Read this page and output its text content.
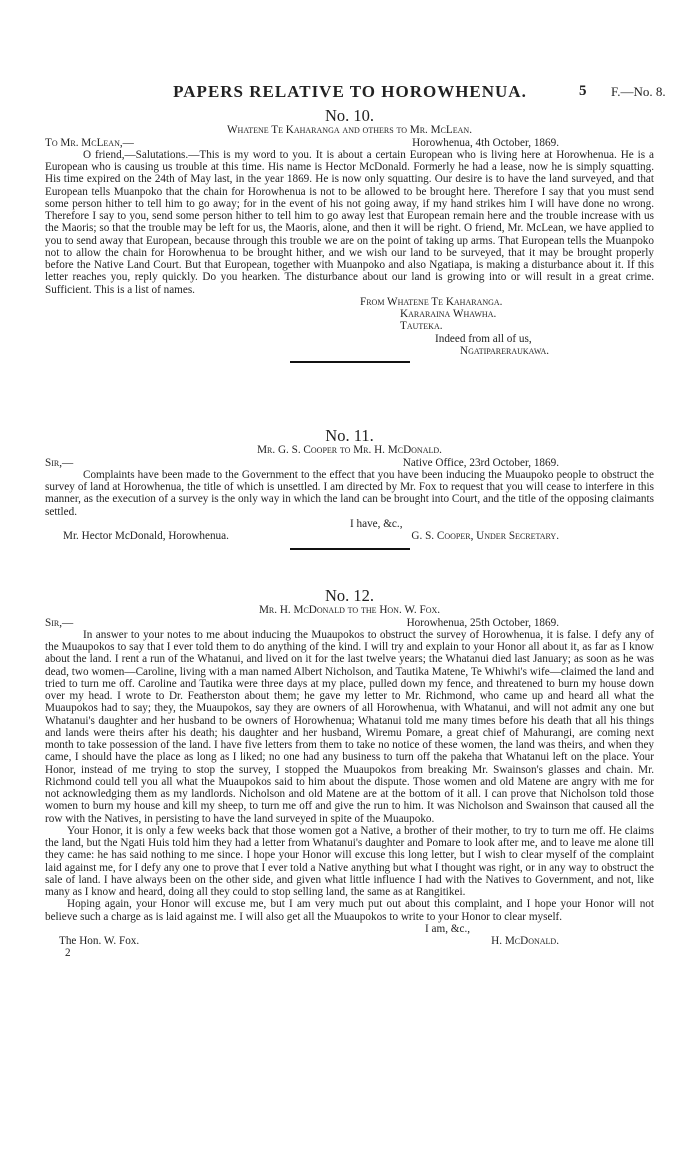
PAPERS RELATIVE TO HOROWHENUA.	5 F.—No. 8.
No. 10.
Whatene Te Kaharanga and others to Mr. McLean.
To Mr. McLean,—	Horowhenua, 4th October, 1869.

O friend,—Salutations.—This is my word to you. It is about a certain European who is living here at Horowhenua. He is a European who is causing us trouble at this time. His name is Hector McDonald. Formerly he had a lease, now he is simply squatting. His time expired on the 24th of May last, in the year 1869. He is now only squatting. Our desire is to have the land surveyed, and that European tells Muanpoko that the chain for Horowhenua is not to be allowed to be brought here. Therefore I say that you must send some person hither to tell him to go away; for in the event of his not going away, if my hand strikes him I will have done no wrong. Therefore I say to you, send some person hither to tell him to go away lest that European remain here and the trouble increase with us the Maoris; so that the trouble may be left for us, the Maoris, alone, and then it will be right. O friend, Mr. McLean, we have applied to you to send away that European, because through this trouble we are on the point of taking up arms. That European tells the Muanpoko not to allow the chain for Horowhenua to be brought hither, and we wish our land to be surveyed, that it may be brought properly before the Native Land Court. But that European, together with Muanpoko and also Ngatiapa, is making a disturbance about it. If this letter reaches you, reply quickly. Do you hearken. The disturbance about our land is growing into or will result in a great crime. Sufficient. This is a list of names.

From Whatene Te Kaharanga.
Kararaina Whawha.
Tauteka.
Indeed from all of us,
Ngatipareraukawa.
No. 11.
Mr. G. S. Cooper to Mr. H. McDonald.
Sir,—	Native Office, 23rd October, 1869.

Complaints have been made to the Government to the effect that you have been inducing the Muaupoko people to obstruct the survey of land at Horowhenua, the title of which is unsettled. I am directed by Mr. Fox to request that you will cease to interfere in this manner, as the execution of a survey is the only way in which the land can be brought into Court, and the title of the opposing claimants settled.

I have, &c.,
Mr. Hector McDonald, Horowhenua.	G. S. Cooper, Under Secretary.
No. 12.
Mr. H. McDonald to the Hon. W. Fox.
Sir,—	Horowhenua, 25th October, 1869.

In answer to your notes to me about inducing the Muaupokos to obstruct the survey of Horowhenua, it is false. I defy any of the Muaupokos to say that I ever told them to do anything of the kind. I will try and explain to your Honor all about it, as far as I know about the land. I rent a run of the Whatanui, and lived on it for the last twelve years; the Whatanui died last January; as soon as he was dead, two women—Caroline, living with a man named Albert Nicholson, and Tautika Matene, Te Whiwhi's wife—claimed the land and tried to turn me off. Caroline and Tautika were three days at my place, pulled down my fence, and threatened to burn my house down over my head. I wrote to Dr. Featherston about them; he gave my letter to Mr. Richmond, who came up and heard all what the Muaupokos had to say; they, the Muaupokos, say they are owners of all Horowhenua, with Whatanui, and will not admit any one but Whatanui's daughter and her husband to be owners of Horowhenua; Whatanui told me many times before his death that all his things and lands were theirs after his death; his daughter and her husband, Wiremu Pomare, a great chief of Mahurangi, are coming next month to take possession of the land. I have five letters from them to take no notice of these women, the land was theirs, and when they came, I should have the place as long as I liked; no one had any business to turn off the pakeha that Whatanui left on the place. Your Honor, instead of me trying to stop the survey, I stopped the Muaupokos from breaking Mr. Swainson's glasses and chain. Mr. Richmond could tell you all what the Muaupokos said to him about the dispute. Those women and old Matene are angry with me for not acknowledging them as my landlords. Nicholson and old Matene are at the bottom of it all. I can prove that Nicholson told those women to burn my house and kill my sheep, to turn me off and give the run to him. It was Nicholson and Swainson that caused all the row with the Natives, in persisting to have the land surveyed in spite of the Muaupoko.

Your Honor, it is only a few weeks back that those women got a Native, a brother of their mother, to try to turn me off. He claims the land, but the Ngati Huis told him they had a letter from Whatanui's daughter and Pomare to look after me, and to leave me alone till they came: he has said nothing to me since. I hope your Honor will excuse this long letter, but I wish to clear myself of the complaint laid against me, for I defy any one to prove that I ever told a Native anything but what I thought was right, or in any way to obstruct the sale of land. I have always been on the other side, and given what little influence I had with the Natives to Government, and not, like many as I know and heard, doing all they could to stop selling land, the same as at Rangitikei.

Hoping again, your Honor will excuse me, but I am very much put out about this complaint, and I hope your Honor will not believe such a charge as is laid against me. I will also get all the Muaupokos to write to your Honor to clear myself.

I am, &c.,
The Hon. W. Fox.	H. McDonald.
2
